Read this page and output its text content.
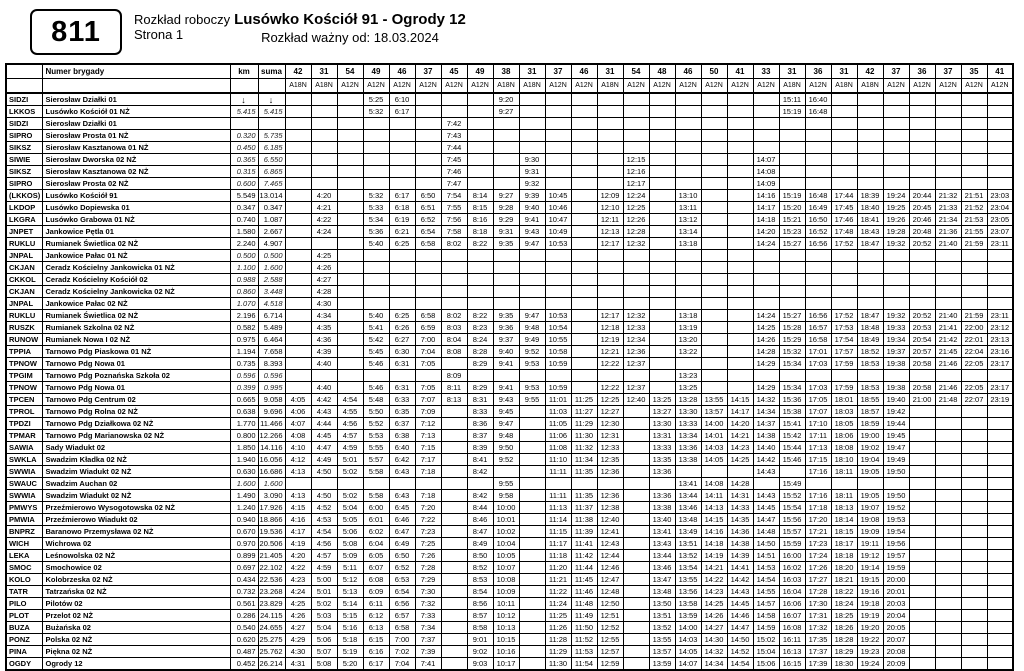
811	Rozkład roboczy
Strona 1
Lusówko Kościół 91 - Ogrody 12
Rozkład ważny od: 18.03.2024
	Numer brygady	km	suma	42	31	54	49	46	37	45	49	38	31	37	46	31	54	48	46	50	41	33	31	36	31	42	37	36	37	35	41
				A18N	A18N	A12N	A12N	A12N	A12N	A12N	A12N	A18N	A18N	A12N	A12N	A18N	A12N	A12N	A12N	A12N	A12N	A12N	A18N	A12N	A18N	A18N	A12N	A12N	A12N	A12N	A12N
SIDZI	Sierosław Działki 01	↓	↓				5:25	6:10				9:20											15:11	16:40							
LKKOS	Lusówko Kościół 01 NŻ	5.415	5.415				5:32	6:17				9:27											15:19	16:48							
SIDZI	Sierosław Działki 01									7:42																					
SIPRO	Sierosław Prosta 01 NŻ	0.320	5.735							7:43																					
SIKSZ	Sierosław Kasztanowa 01 NŻ	0.450	6.185							7:44																					
SIWIE	Sierosław Dworska 02 NŻ	0.365	6.550							7:45			9:30				12:15					14:07									
SIKSZ	Sierosław Kasztanowa 02 NŻ	0.315	6.865							7:46			9:31				12:16					14:08									
SIPRO	Sierosław Prosta 02 NŻ	0.600	7.465							7:47			9:32				12:17					14:09									
(LKKOS)	Lusówko Kościół 91	5.549	13.014		4:20		5:32	6:17	6:50	7:54	8:14	9:27	9:39	10:45		12:09	12:24		13:10			14:16	15:19	16:48	17:44	18:39	19:24	20:44	21:32	21:51	23:03
LKDOP	Lusówko Dopiewska 01	0.347	0.347		4:21		5:33	6:18	6:51	7:55	8:15	9:28	9:40	10:46		12:10	12:25		13:11			14:17	15:20	16:49	17:45	18:40	19:25	20:45	21:33	21:52	23:04
LKGRA	Lusówko Grabowa 01 NŻ	0.740	1.087		4:22		5:34	6:19	6:52	7:56	8:16	9:29	9:41	10:47		12:11	12:26		13:12			14:18	15:21	16:50	17:46	18:41	19:26	20:46	21:34	21:53	23:05
JNPET	Jankowice Pętla 01	1.580	2.667		4:24		5:36	6:21	6:54	7:58	8:18	9:31	9:43	10:49		12:13	12:28		13:14			14:20	15:23	16:52	17:48	18:43	19:28	20:48	21:36	21:55	23:07
RUKLU	Rumianek Świetlica 02 NŻ	2.240	4.907				5:40	6:25	6:58	8:02	8:22	9:35	9:47	10:53		12:17	12:32		13:18			14:24	15:27	16:56	17:52	18:47	19:32	20:52	21:40	21:59	23:11
JNPAL	Jankowice Pałac 01 NŻ	0.500	0.500		4:25																										
CKJAN	Ceradz Kościelny Jankowicka 01 NŻ	1.100	1.600		4:26																										
CKKOL	Ceradz Kościelny Kościół 02	0.988	2.588		4:27																										
CKJAN	Ceradz Kościelny Jankowicka 02 NŻ	0.860	3.448		4:28																										
JNPAL	Jankowice Pałac 02 NŻ	1.070	4.518		4:30																										
RUKLU	Rumianek Świetlica 02 NŻ	2.196	6.714		4:34		5:40	6:25	6:58	8:02	8:22	9:35	9:47	10:53		12:17	12:32		13:18			14:24	15:27	16:56	17:52	18:47	19:32	20:52	21:40	21:59	23:11
RUSZK	Rumianek Szkolna 02 NŻ	0.582	5.489		4:35		5:41	6:26	6:59	8:03	8:23	9:36	9:48	10:54		12:18	12:33		13:19			14:25	15:28	16:57	17:53	18:48	19:33	20:53	21:41	22:00	23:12
RUNOW	Rumianek Nowa I 02 NŻ	0.975	6.464		4:36		5:42	6:27	7:00	8:04	8:24	9:37	9:49	10:55		12:19	12:34		13:20			14:26	15:29	16:58	17:54	18:49	19:34	20:54	21:42	22:01	23:13
TPPIA	Tarnowo Pdg Piaskowa 01 NŻ	1.194	7.658		4:39		5:45	6:30	7:04	8:08	8:28	9:40	9:52	10:58		12:21	12:36		13:22			14:28	15:32	17:01	17:57	18:52	19:37	20:57	21:45	22:04	23:16
TPNOW	Tarnowo Pdg Nowa 01	0.735	8.393		4:40		5:46	6:31	7:05		8:29	9:41	9:53	10:59		12:22	12:37					14:29	15:34	17:03	17:59	18:53	19:38	20:58	21:46	22:05	23:17
TPGIM	Tarnowo Pdg Poznańska Szkoła 02	0.596	0.596							8:09									13:23												
TPNOW	Tarnowo Pdg Nowa 01	0.399	0.995		4:40		5:46	6:31	7:05	8:11	8:29	9:41	9:53	10:59		12:22	12:37		13:25			14:29	15:34	17:03	17:59	18:53	19:38	20:58	21:46	22:05	23:17
TPCEN	Tarnowo Pdg Centrum 02	0.665	9.058	4:05	4:42	4:54	5:48	6:33	7:07	8:13	8:31	9:43	9:55	11:01	11:25	12:25	12:40	13:25	13:28	13:55	14:15	14:32	15:36	17:05	18:01	18:55	19:40	21:00	21:48	22:07	23:19
TPROL	Tarnowo Pdg Rolna 02 NŻ	0.638	9.696	4:06	4:43	4:55	5:50	6:35	7:09		8:33	9:45		11:03	11:27	12:27		13:27	13:30	13:57	14:17	14:34	15:38	17:07	18:03	18:57	19:42				
TPDZI	Tarnowo Pdg Działkowa 02 NŻ	1.770	11.466	4:07	4:44	4:56	5:52	6:37	7:12		8:36	9:47		11:05	11:29	12:30		13:30	13:33	14:00	14:20	14:37	15:41	17:10	18:05	18:59	19:44				
TPMAR	Tarnowo Pdg Marianowska 02 NŻ	0.800	12.266	4:08	4:45	4:57	5:53	6:38	7:13		8:37	9:48		11:06	11:30	12:31		13:31	13:34	14:01	14:21	14:38	15:42	17:11	18:06	19:00	19:45				
SAWIA	Sady Wiadukt 02	1.850	14.116	4:10	4:47	4:59	5:55	6:40	7:15		8:39	9:50		11:08	11:32	12:33		13:33	13:36	14:03	14:23	14:40	15:44	17:13	18:08	19:02	19:47				
SWKLA	Swadzim Kładka 02 NŻ	1.940	16.056	4:12	4:49	5:01	5:57	6:42	7:17		8:41	9:52		11:10	11:34	12:35		13:35	13:38	14:05	14:25	14:42	15:46	17:15	18:10	19:04	19:49				
SWWIA	Swadzim Wiadukt 02 NŻ	0.630	16.686	4:13	4:50	5:02	5:58	6:43	7:18		8:42			11:11	11:35	12:36		13:36				14:43		17:16	18:11	19:05	19:50				
SWAUC	Swadzim Auchan 02	1.600	1.600									9:55							13:41	14:08	14:28		15:49								
SWWIA	Swadzim Wiadukt 02 NŻ	1.490	3.090	4:13	4:50	5:02	5:58	6:43	7:18		8:42	9:58		11:11	11:35	12:36		13:36	13:44	14:11	14:31	14:43	15:52	17:16	18:11	19:05	19:50				
PMWYS	Przeźmierowo Wysogotowska 02 NŻ	1.240	17.926	4:15	4:52	5:04	6:00	6:45	7:20		8:44	10:00		11:13	11:37	12:38		13:38	13:46	14:13	14:33	14:45	15:54	17:18	18:13	19:07	19:52				
PMWIA	Przeźmierowo Wiadukt 02	0.940	18.866	4:16	4:53	5:05	6:01	6:46	7:22		8:46	10:01		11:14	11:38	12:40		13:40	13:48	14:15	14:35	14:47	15:56	17:20	18:14	19:08	19:53				
BNPRZ	Baranowo Przemysława 02 NŻ	0.670	19.536	4:17	4:54	5:06	6:02	6:47	7:23		8:47	10:02		11:15	11:39	12:41		13:41	13:49	14:16	14:36	14:48	15:57	17:21	18:15	19:09	19:54				
WICH	Wichrowa 02	0.970	20.506	4:19	4:56	5:08	6:04	6:49	7:25		8:49	10:04		11:17	11:41	12:43		13:43	13:51	14:18	14:38	14:50	15:59	17:23	18:17	19:11	19:56				
LEKA	Leśnowolska 02 NŻ	0.899	21.405	4:20	4:57	5:09	6:05	6:50	7:26		8:50	10:05		11:18	11:42	12:44		13:44	13:52	14:19	14:39	14:51	16:00	17:24	18:18	19:12	19:57				
SMOC	Smochowice 02	0.697	22.102	4:22	4:59	5:11	6:07	6:52	7:28		8:52	10:07		11:20	11:44	12:46		13:46	13:54	14:21	14:41	14:53	16:02	17:26	18:20	19:14	19:59				
KOLO	Kolobrzeska 02 NŻ	0.434	22.536	4:23	5:00	5:12	6:08	6:53	7:29		8:53	10:08		11:21	11:45	12:47		13:47	13:55	14:22	14:42	14:54	16:03	17:27	18:21	19:15	20:00				
TATR	Tatrzańska 02 NŻ	0.732	23.268	4:24	5:01	5:13	6:09	6:54	7:30		8:54	10:09		11:22	11:46	12:48		13:48	13:56	14:23	14:43	14:55	16:04	17:28	18:22	19:16	20:01				
PILO	Pilotów 02	0.561	23.829	4:25	5:02	5:14	6:11	6:56	7:32		8:56	10:11		11:24	11:48	12:50		13:50	13:58	14:25	14:45	14:57	16:06	17:30	18:24	19:18	20:03				
PLOT	Przelot 02 NŻ	0.286	24.115	4:26	5:03	5:15	6:12	6:57	7:33		8:57	10:12		11:25	11:49	12:51		13:51	13:59	14:26	14:46	14:58	16:07	17:31	18:25	19:19	20:04				
BUZA	Bużańska 02	0.540	24.655	4:27	5:04	5:16	6:13	6:58	7:34		8:58	10:13		11:26	11:50	12:52		13:52	14:00	14:27	14:47	14:59	16:08	17:32	18:26	19:20	20:05				
PONZ	Polska 02 NŻ	0.620	25.275	4:29	5:06	5:18	6:15	7:00	7:37		9:01	10:15		11:28	11:52	12:55		13:55	14:03	14:30	14:50	15:02	16:11	17:35	18:28	19:22	20:07				
PINA	Piękna 02 NŻ	0.487	25.762	4:30	5:07	5:19	6:16	7:02	7:39		9:02	10:16		11:29	11:53	12:57		13:57	14:05	14:32	14:52	15:04	16:13	17:37	18:29	19:23	20:08				
OGDY	Ogrody 12	0.452	26.214	4:31	5:08	5:20	6:17	7:04	7:41		9:03	10:17		11:30	11:54	12:59		13:59	14:07	14:34	14:54	15:06	16:15	17:39	18:30	19:24	20:09				
